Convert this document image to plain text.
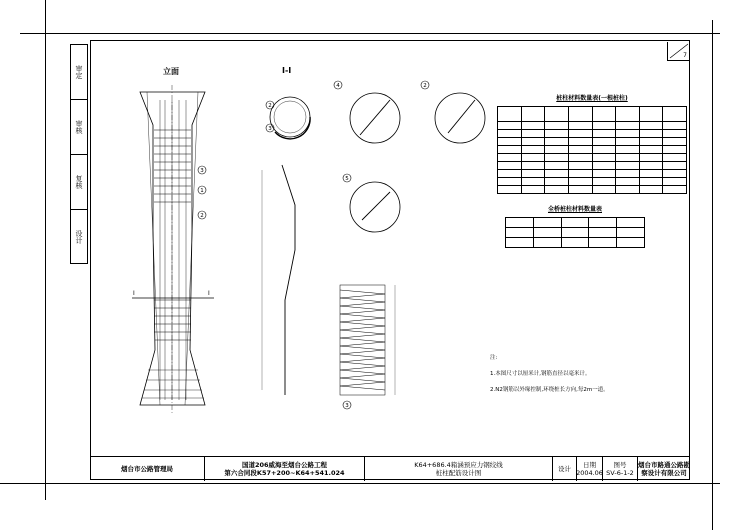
7
审定
审核
复核
设计
3
1
2
2
3
4	2
5
3
立面	I-I
I	I
桩柱材料数量表(一根桩柱)

全桥桩柱材料数量表

注:
1.本图尺寸以厘米计,钢筋直径以毫米计。
2.N2钢筋以外缘控制,环绕桩长方向,每2m一道。
烟台市公路管理局
国道206威海至烟台公路工程
第六合同段K57+200~K64+541.024
K64+686.4箱涵预应力钢绞线
桩柱配筋设计图
设计
日期
2004.06
图号
SV-6-1-2
烟台市路通公路勘察设计有限公司
